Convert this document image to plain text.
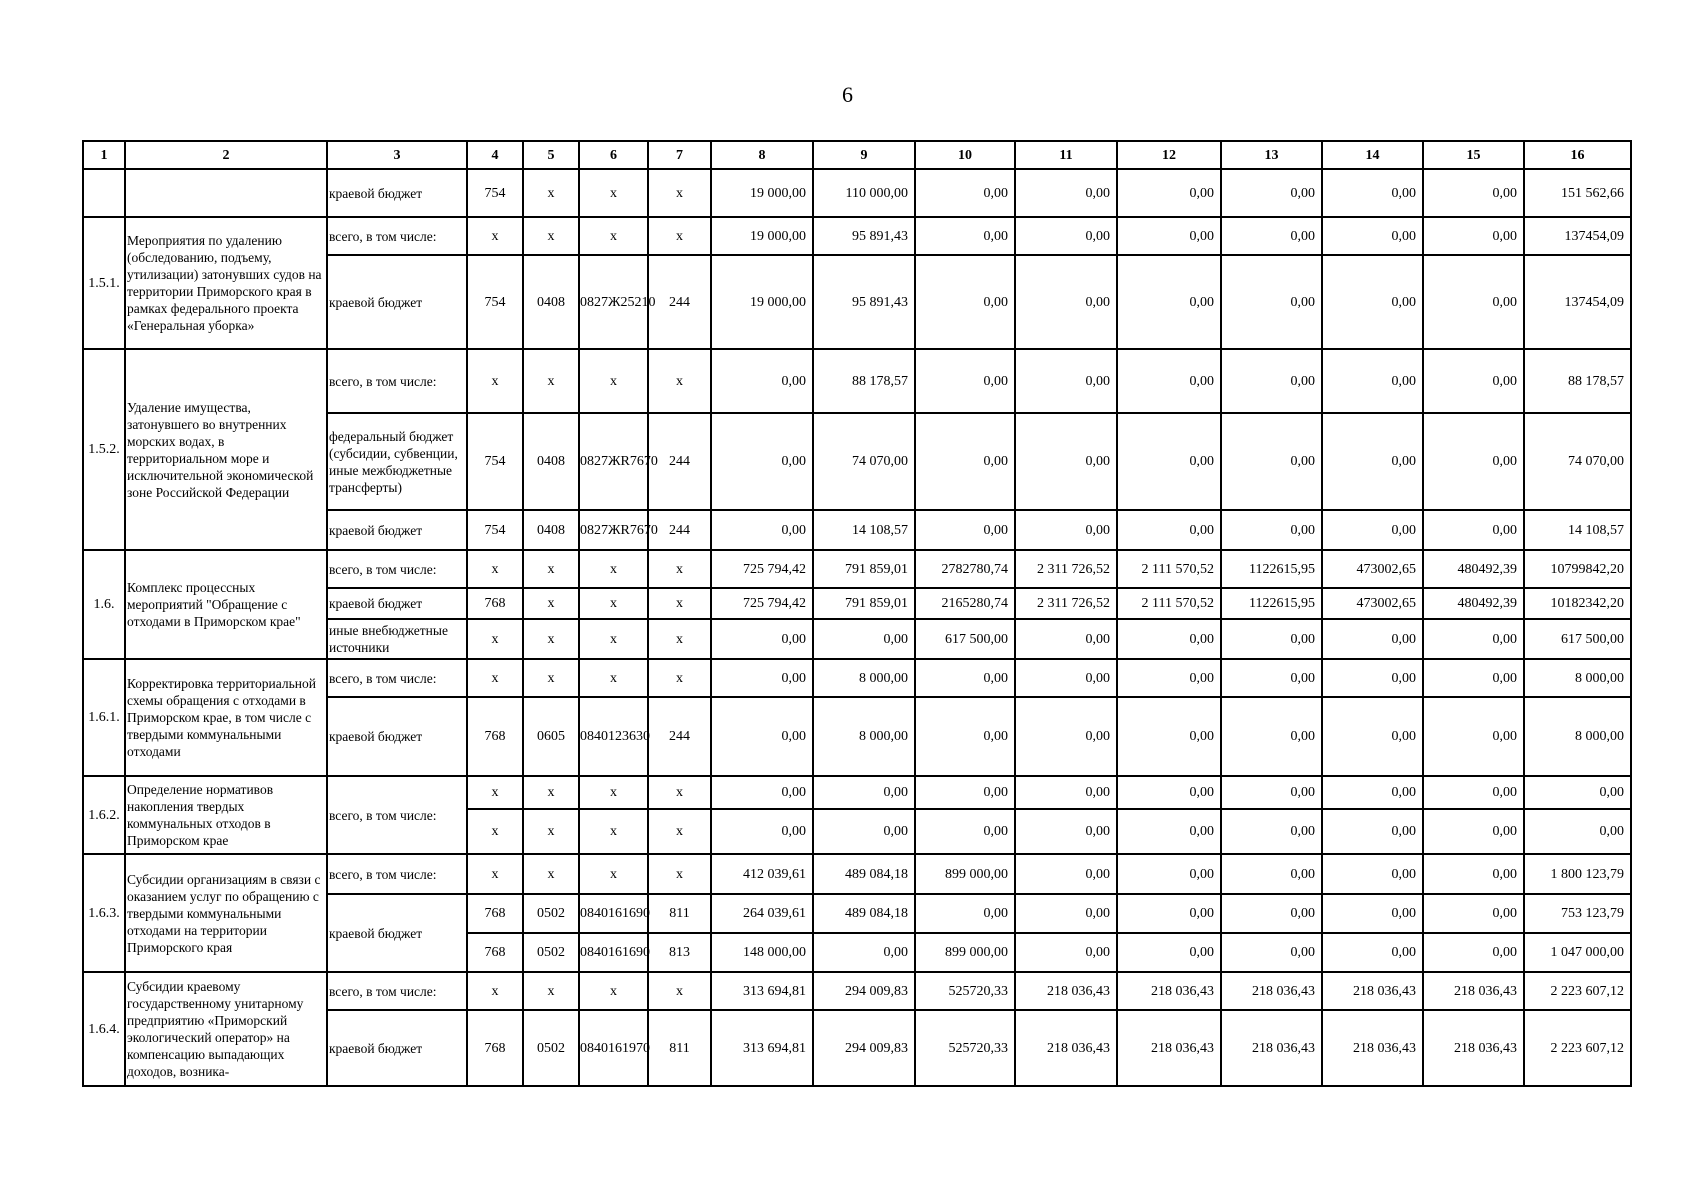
6
1	2	3	4	5	6	7	8	9	10	11	12	13	14	15	16
		краевой бюджет	754	x	x	x	19 000,00	110 000,00	0,00	0,00	0,00	0,00	0,00	0,00	151 562,66
1.5.1.	Мероприятия по удалению (обследованию, подъему, утилизации) затонувших судов на территории Приморского края в рамках федерального проекта «Генеральная уборка»	всего, в том числе:	x	x	x	x	19 000,00	95 891,43	0,00	0,00	0,00	0,00	0,00	0,00	137454,09
		краевой бюджет	754	0408	0827Ж25210	244	19 000,00	95 891,43	0,00	0,00	0,00	0,00	0,00	0,00	137454,09
1.5.2.	Удаление имущества, затонувшего во внутренних морских водах, в территориальном море и исключительной экономической зоне Российской Федерации	всего, в том числе:	x	x	x	x	0,00	88 178,57	0,00	0,00	0,00	0,00	0,00	0,00	88 178,57
		федеральный бюджет (субсидии, субвенции, иные межбюджетные трансферты)	754	0408	0827ЖR7670	244	0,00	74 070,00	0,00	0,00	0,00	0,00	0,00	0,00	74 070,00
		краевой бюджет	754	0408	0827ЖR7670	244	0,00	14 108,57	0,00	0,00	0,00	0,00	0,00	0,00	14 108,57
1.6.	Комплекс процессных мероприятий "Обращение с отходами в Приморском крае"	всего, в том числе:	x	x	x	x	725 794,42	791 859,01	2782780,74	2 311 726,52	2 111 570,52	1122615,95	473002,65	480492,39	10799842,20
		краевой бюджет	768	x	x	x	725 794,42	791 859,01	2165280,74	2 311 726,52	2 111 570,52	1122615,95	473002,65	480492,39	10182342,20
		иные внебюджетные источники	x	x	x	x	0,00	0,00	617 500,00	0,00	0,00	0,00	0,00	0,00	617 500,00
1.6.1.	Корректировка территориальной схемы обращения с отходами в Приморском крае, в том числе с твердыми коммунальными отходами	всего, в том числе:	x	x	x	x	0,00	8 000,00	0,00	0,00	0,00	0,00	0,00	0,00	8 000,00
		краевой бюджет	768	0605	0840123630	244	0,00	8 000,00	0,00	0,00	0,00	0,00	0,00	0,00	8 000,00
1.6.2.	Определение нормативов накопления твердых коммунальных отходов в Приморском крае	всего, в том числе:	x	x	x	x	0,00	0,00	0,00	0,00	0,00	0,00	0,00	0,00	0,00
			x	x	x	x	0,00	0,00	0,00	0,00	0,00	0,00	0,00	0,00	0,00
1.6.3.	Субсидии организациям в связи с оказанием услуг по обращению с твердыми коммунальными отходами на территории Приморского края	всего, в том числе:	x	x	x	x	412 039,61	489 084,18	899 000,00	0,00	0,00	0,00	0,00	0,00	1 800 123,79
		краевой бюджет	768	0502	0840161690	811	264 039,61	489 084,18	0,00	0,00	0,00	0,00	0,00	0,00	753 123,79
			768	0502	0840161690	813	148 000,00	0,00	899 000,00	0,00	0,00	0,00	0,00	0,00	1 047 000,00
1.6.4.	Субсидии краевому государственному унитарному предприятию «Приморский экологический оператор» на компенсацию выпадающих доходов, возника-	всего, в том числе:	x	x	x	x	313 694,81	294 009,83	525720,33	218 036,43	218 036,43	218 036,43	218 036,43	218 036,43	2 223 607,12
		краевой бюджет	768	0502	0840161970	811	313 694,81	294 009,83	525720,33	218 036,43	218 036,43	218 036,43	218 036,43	218 036,43	2 223 607,12
